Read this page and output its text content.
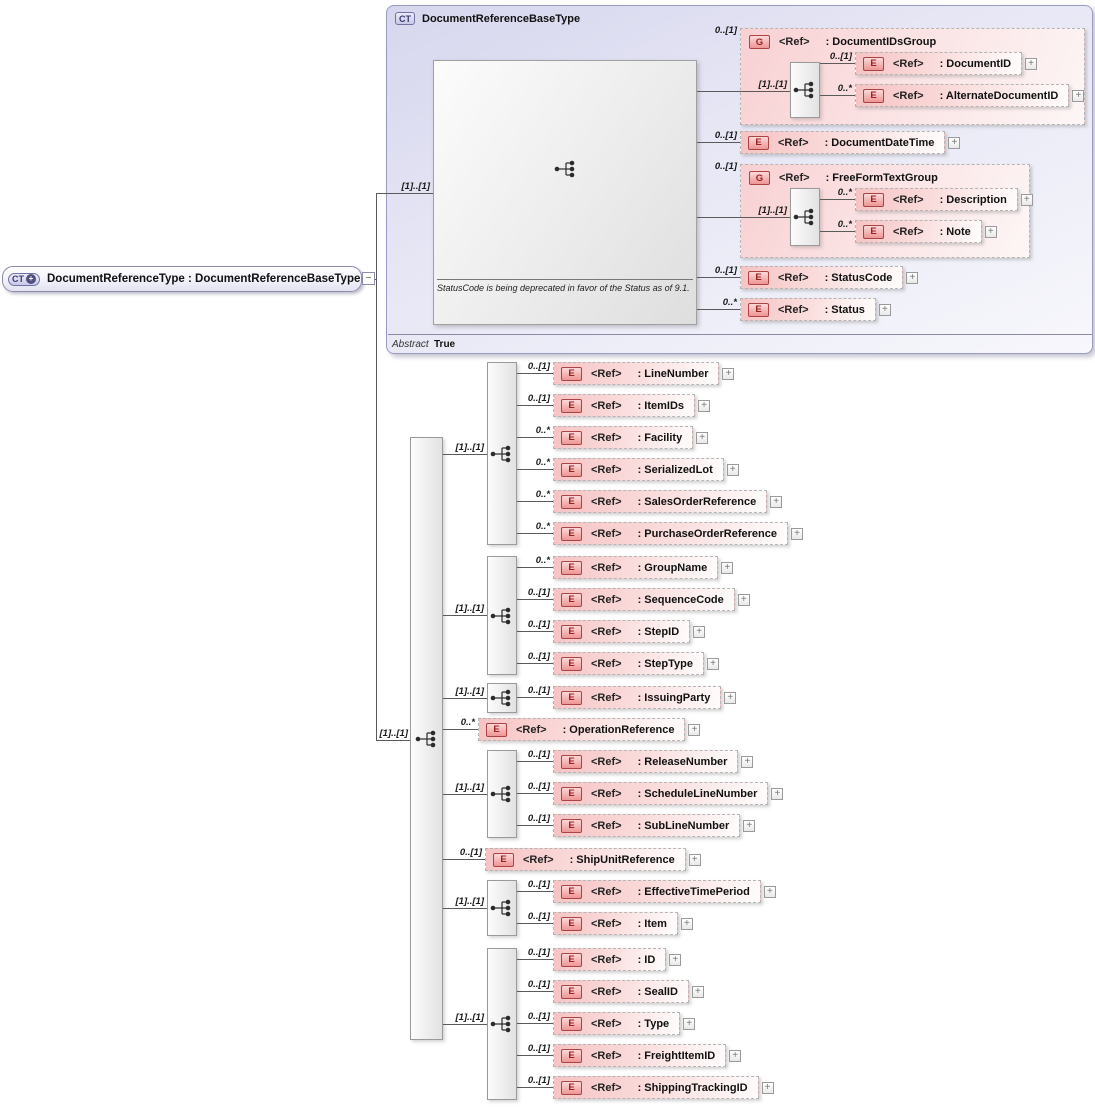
CT + DocumentReferenceType : DocumentReferenceBaseType −
CT	DocumentReferenceBaseType
Abstract True
StatusCode is being deprecated in favor of the Status as of 9.1.
[1]..[1]
[1]..[1]
G	<Ref> : DocumentIDsGroup
[1]..[1]
0..[1]
E	<Ref> : DocumentID	+
0..[1]
E	<Ref> : AlternateDocumentID	+
0..*
E	<Ref> : DocumentDateTime	+
0..[1]
G	<Ref> : FreeFormTextGroup
[1]..[1]
0..[1]
E	<Ref> : Description	+
0..*
E	<Ref> : Note	+
0..*
E	<Ref> : StatusCode	+
0..[1]
E	<Ref> : Status	+
0..*
[1]..[1]
E	<Ref> : LineNumber	+
0..[1]
E	<Ref> : ItemIDs	+
0..[1]
E	<Ref> : Facility	+
0..*
E	<Ref> : SerializedLot	+
0..*
E	<Ref> : SalesOrderReference	+
0..*
E	<Ref> : PurchaseOrderReference	+
0..*
[1]..[1]
E	<Ref> : GroupName	+
0..*
E	<Ref> : SequenceCode	+
0..[1]
E	<Ref> : StepID	+
0..[1]
E	<Ref> : StepType	+
0..[1]
[1]..[1]
E	<Ref> : IssuingParty	+
0..[1]
E	<Ref> : OperationReference	+
0..*
[1]..[1]
E	<Ref> : ReleaseNumber	+
0..[1]
E	<Ref> : ScheduleLineNumber	+
0..[1]
E	<Ref> : SubLineNumber	+
0..[1]
E	<Ref> : ShipUnitReference	+
0..[1]
[1]..[1]
E	<Ref> : EffectiveTimePeriod	+
0..[1]
E	<Ref> : Item	+
0..[1]
[1]..[1]
E	<Ref> : ID	+
0..[1]
E	<Ref> : SealID	+
0..[1]
E	<Ref> : Type	+
0..[1]
E	<Ref> : FreightItemID	+
0..[1]
E	<Ref> : ShippingTrackingID	+
0..[1]
